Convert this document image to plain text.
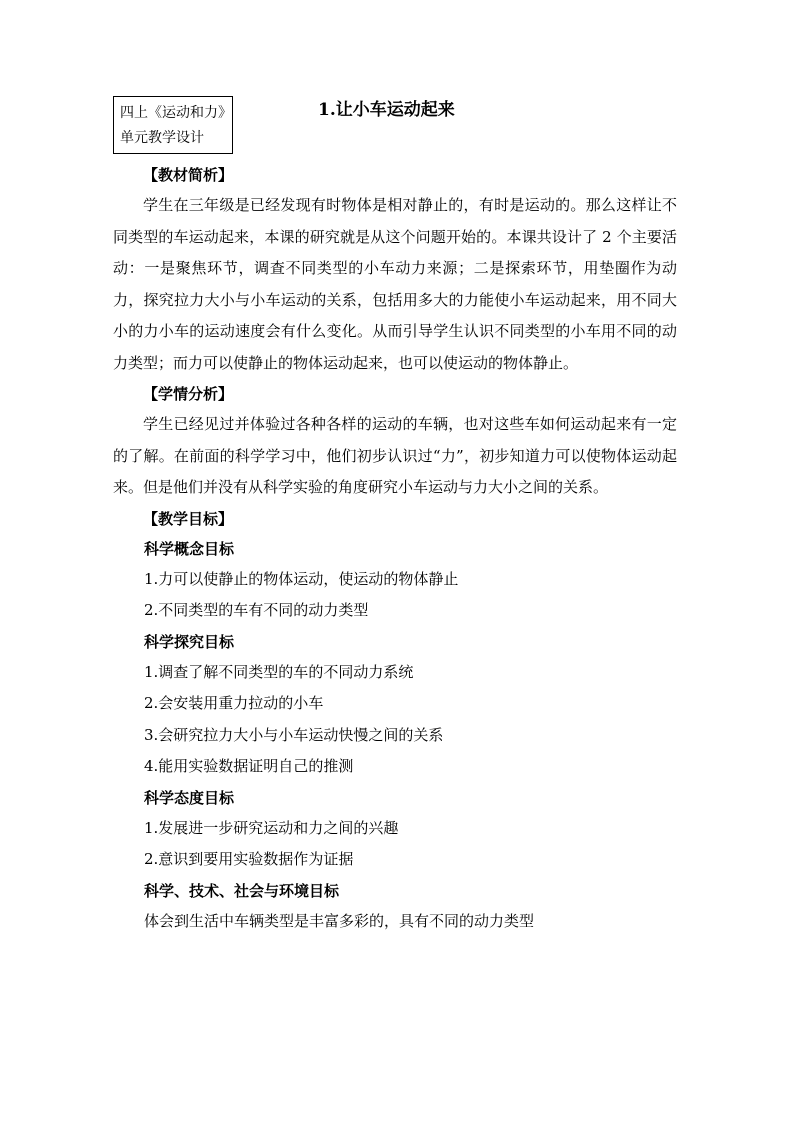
四上《运动和力》
单元教学设计
1.让小车运动起来
【教材简析】

学生在三年级是已经发现有时物体是相对静止的，有时是运动的。那么这样让不同类型的车运动起来，本课的研究就是从这个问题开始的。本课共设计了 2 个主要活动：一是聚焦环节，调查不同类型的小车动力来源；二是探索环节，用垫圈作为动力，探究拉力大小与小车运动的关系，包括用多大的力能使小车运动起来，用不同大小的力小车的运动速度会有什么变化。从而引导学生认识不同类型的小车用不同的动力类型；而力可以使静止的物体运动起来，也可以使运动的物体静止。

【学情分析】

学生已经见过并体验过各种各样的运动的车辆，也对这些车如何运动起来有一定的了解。在前面的科学学习中，他们初步认识过“力”，初步知道力可以使物体运动起来。但是他们并没有从科学实验的角度研究小车运动与力大小之间的关系。

【教学目标】
科学概念目标
1.力可以使静止的物体运动，使运动的物体静止
2.不同类型的车有不同的动力类型
科学探究目标
1.调查了解不同类型的车的不同动力系统
2.会安装用重力拉动的小车
3.会研究拉力大小与小车运动快慢之间的关系
4.能用实验数据证明自己的推测
科学态度目标
1.发展进一步研究运动和力之间的兴趣
2.意识到要用实验数据作为证据
科学、技术、社会与环境目标
体会到生活中车辆类型是丰富多彩的，具有不同的动力类型
